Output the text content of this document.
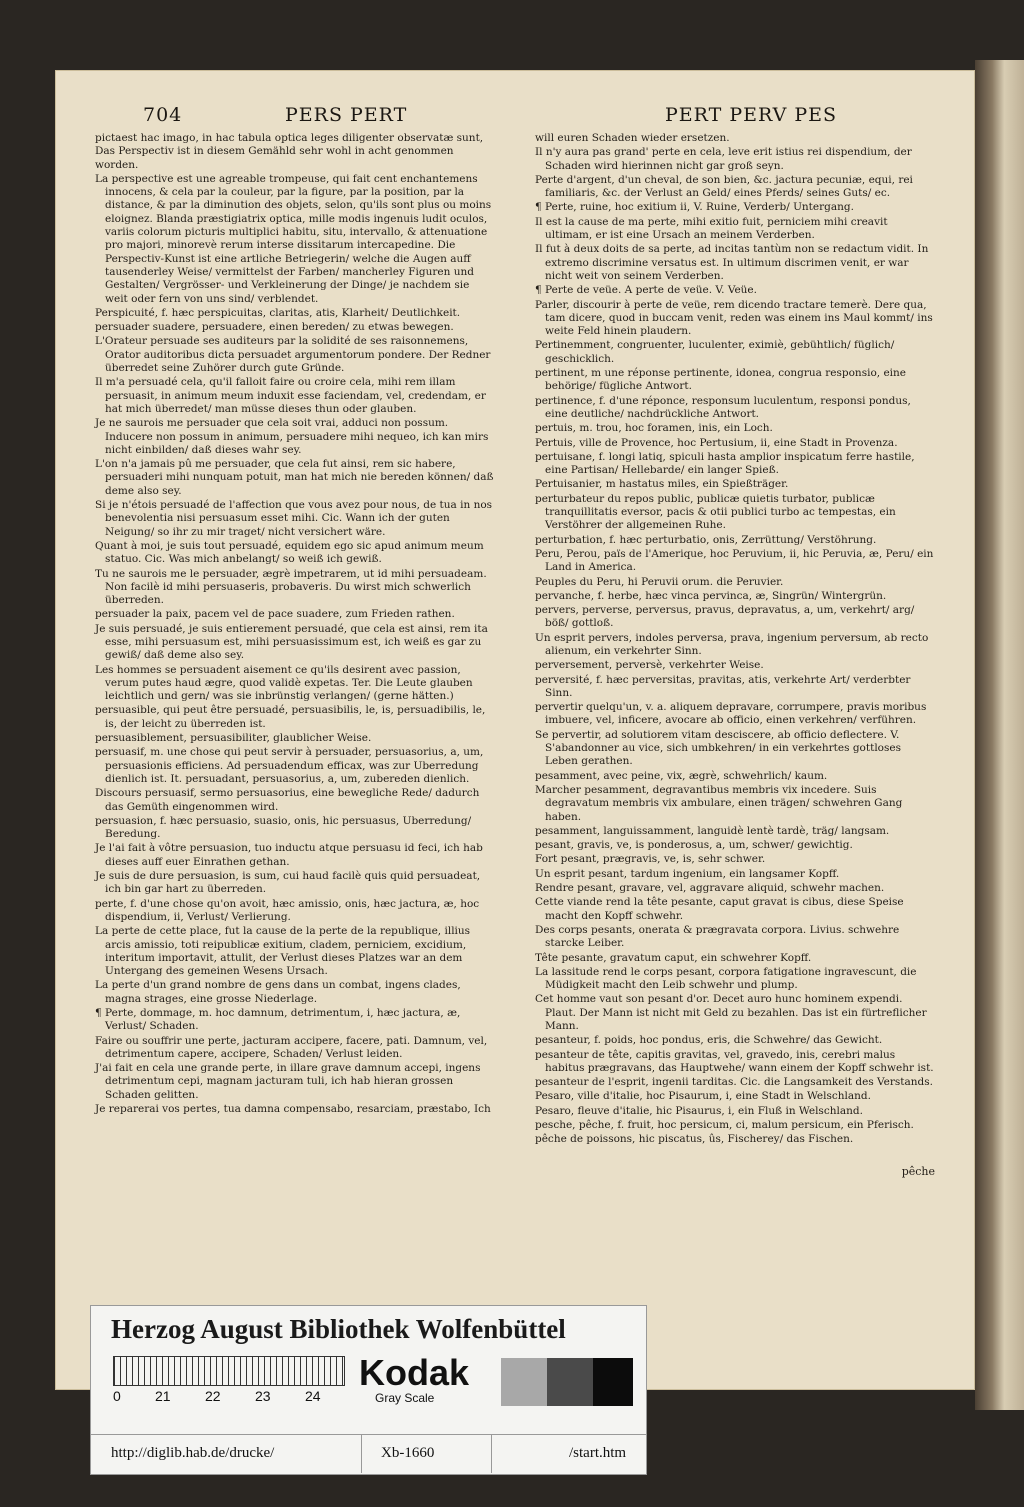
704	PERS PERT	PERT PERV PES

pictaest hac imago, in hac tabula optica leges diligenter observatæ sunt, Das Perspectiv ist in diesem Gemähld sehr wohl in acht genommen worden.

La perspective est une agreable trompeuse, qui fait cent enchantemens innocens, & cela par la couleur, par la figure, par la position, par la distance, & par la diminution des objets, selon, qu'ils sont plus ou moins eloignez. Blanda præstigiatrix optica, mille modis ingenuis ludit oculos, variis colorum picturis multiplici habitu, situ, intervallo, & attenuatione pro majori, minorevè rerum interse dissitarum intercapedine. Die Perspectiv-Kunst ist eine artliche Betriegerin/ welche die Augen auff tausenderley Weise/ vermittelst der Farben/ mancherley Figuren und Gestalten/ Vergrösser- und Verkleinerung der Dinge/ je nachdem sie weit oder fern von uns sind/ verblendet.

Perspicuité, f. hæc perspicuitas, claritas, atis, Klarheit/ Deutlichkeit.

persuader suadere, persuadere, einen bereden/ zu etwas bewegen.

L'Orateur persuade ses auditeurs par la solidité de ses raisonnemens, Orator auditoribus dicta persuadet argumentorum pondere. Der Redner überredet seine Zuhörer durch gute Gründe.

Il m'a persuadé cela, qu'il falloit faire ou croire cela, mihi rem illam persuasit, in animum meum induxit esse faciendam, vel, credendam, er hat mich überredet/ man müsse dieses thun oder glauben.

Je ne saurois me persuader que cela soit vrai, adduci non possum. Inducere non possum in animum, persuadere mihi nequeo, ich kan mirs nicht einbilden/ daß dieses wahr sey.

L'on n'a jamais pû me persuader, que cela fut ainsi, rem sic habere, persuaderi mihi nunquam potuit, man hat mich nie bereden können/ daß deme also sey.

Si je n'étois persuadé de l'affection que vous avez pour nous, de tua in nos benevolentia nisi persuasum esset mihi. Cic. Wann ich der guten Neigung/ so ihr zu mir traget/ nicht versichert wäre.

Quant à moi, je suis tout persuadé, equidem ego sic apud animum meum statuo. Cic. Was mich anbelangt/ so weiß ich gewiß.

Tu ne saurois me le persuader, ægrè impetrarem, ut id mihi persuadeam. Non facilè id mihi persuaseris, probaveris. Du wirst mich schwerlich überreden.

persuader la paix, pacem vel de pace suadere, zum Frieden rathen.

Je suis persuadé, je suis entierement persuadé, que cela est ainsi, rem ita esse, mihi persuasum est, mihi persuasissimum est, ich weiß es gar zu gewiß/ daß deme also sey.

Les hommes se persuadent aisement ce qu'ils desirent avec passion, verum putes haud ægre, quod validè expetas. Ter. Die Leute glauben leichtlich und gern/ was sie inbrünstig verlangen/ (gerne hätten.)

persuasible, qui peut être persuadé, persuasibilis, le, is, persuadibilis, le, is, der leicht zu überreden ist.

persuasiblement, persuasibiliter, glaublicher Weise.

persuasif, m. une chose qui peut servir à persuader, persuasorius, a, um, persuasionis efficiens. Ad persuadendum efficax, was zur Uberredung dienlich ist. It. persuadant, persuasorius, a, um, zubereden dienlich.

Discours persuasif, sermo persuasorius, eine bewegliche Rede/ dadurch das Gemüth eingenommen wird.

persuasion, f. hæc persuasio, suasio, onis, hic persuasus, Uberredung/ Beredung.

Je l'ai fait à vôtre persuasion, tuo inductu atque persuasu id feci, ich hab dieses auff euer Einrathen gethan.

Je suis de dure persuasion, is sum, cui haud facilè quis quid persuadeat, ich bin gar hart zu überreden.

perte, f. d'une chose qu'on avoit, hæc amissio, onis, hæc jactura, æ, hoc dispendium, ii, Verlust/ Verlierung.

La perte de cette place, fut la cause de la perte de la republique, illius arcis amissio, toti reipublicæ exitium, cladem, perniciem, excidium, interitum importavit, attulit, der Verlust dieses Platzes war an dem Untergang des gemeinen Wesens Ursach.

La perte d'un grand nombre de gens dans un combat, ingens clades, magna strages, eine grosse Niederlage.

¶ Perte, dommage, m. hoc damnum, detrimentum, i, hæc jactura, æ, Verlust/ Schaden.

Faire ou souffrir une perte, jacturam accipere, facere, pati. Damnum, vel, detrimentum capere, accipere, Schaden/ Verlust leiden.

J'ai fait en cela une grande perte, in illare grave damnum accepi, ingens detrimentum cepi, magnam jacturam tuli, ich hab hieran grossen Schaden gelitten.

Je reparerai vos pertes, tua damna compensabo, resarciam, præstabo, Ich

will euren Schaden wieder ersetzen.

Il n'y aura pas grand' perte en cela, leve erit istius rei dispendium, der Schaden wird hierinnen nicht gar groß seyn.

Perte d'argent, d'un cheval, de son bien, &c. jactura pecuniæ, equi, rei familiaris, &c. der Verlust an Geld/ eines Pferds/ seines Guts/ ec.

¶ Perte, ruine, hoc exitium ii, V. Ruine, Verderb/ Untergang.

Il est la cause de ma perte, mihi exitio fuit, perniciem mihi creavit ultimam, er ist eine Ursach an meinem Verderben.

Il fut à deux doits de sa perte, ad incitas tantùm non se redactum vidit. In extremo discrimine versatus est. In ultimum discrimen venit, er war nicht weit von seinem Verderben.

¶ Perte de veüe. A perte de veüe. V. Veüe.

Parler, discourir à perte de veüe, rem dicendo tractare temerè. Dere qua, tam dicere, quod in buccam venit, reden was einem ins Maul kommt/ ins weite Feld hinein plaudern.

Pertinemment, congruenter, luculenter, eximiè, gebühtlich/ füglich/ geschicklich.

pertinent, m une réponse pertinente, idonea, congrua responsio, eine behörige/ fügliche Antwort.

pertinence, f. d'une réponce, responsum luculentum, responsi pondus, eine deutliche/ nachdrückliche Antwort.

pertuis, m. trou, hoc foramen, inis, ein Loch.

Pertuis, ville de Provence, hoc Pertusium, ii, eine Stadt in Provenza.

pertuisane, f. longi latiq, spiculi hasta amplior inspicatum ferre hastile, eine Partisan/ Hellebarde/ ein langer Spieß.

Pertuisanier, m hastatus miles, ein Spießträger.

perturbateur du repos public, publicæ quietis turbator, publicæ tranquillitatis eversor, pacis & otii publici turbo ac tempestas, ein Verstöhrer der allgemeinen Ruhe.

perturbation, f. hæc perturbatio, onis, Zerrüttung/ Verstöhrung.

Peru, Perou, païs de l'Amerique, hoc Peruvium, ii, hic Peruvia, æ, Peru/ ein Land in America.

Peuples du Peru, hi Peruvii orum. die Peruvier.

pervanche, f. herbe, hæc vinca pervinca, æ, Singrün/ Wintergrün.

pervers, perverse, perversus, pravus, depravatus, a, um, verkehrt/ arg/ böß/ gottloß.

Un esprit pervers, indoles perversa, prava, ingenium perversum, ab recto alienum, ein verkehrter Sinn.

perversement, perversè, verkehrter Weise.

perversité, f. hæc perversitas, pravitas, atis, verkehrte Art/ verderbter Sinn.

pervertir quelqu'un, v. a. aliquem depravare, corrumpere, pravis moribus imbuere, vel, inficere, avocare ab officio, einen verkehren/ verführen.

Se pervertir, ad solutiorem vitam desciscere, ab officio deflectere. V. S'abandonner au vice, sich umbkehren/ in ein verkehrtes gottloses Leben gerathen.

pesamment, avec peine, vix, ægrè, schwehrlich/ kaum.

Marcher pesamment, degravantibus membris vix incedere. Suis degravatum membris vix ambulare, einen trägen/ schwehren Gang haben.

pesamment, languissamment, languidè lentè tardè, träg/ langsam.

pesant, gravis, ve, is ponderosus, a, um, schwer/ gewichtig.

Fort pesant, prægravis, ve, is, sehr schwer.

Un esprit pesant, tardum ingenium, ein langsamer Kopff.

Rendre pesant, gravare, vel, aggravare aliquid, schwehr machen.

Cette viande rend la tête pesante, caput gravat is cibus, diese Speise macht den Kopff schwehr.

Des corps pesants, onerata & prægravata corpora. Livius. schwehre starcke Leiber.

Tête pesante, gravatum caput, ein schwehrer Kopff.

La lassitude rend le corps pesant, corpora fatigatione ingravescunt, die Müdigkeit macht den Leib schwehr und plump.

Cet homme vaut son pesant d'or. Decet auro hunc hominem expendi. Plaut. Der Mann ist nicht mit Geld zu bezahlen. Das ist ein fürtreflicher Mann.

pesanteur, f. poids, hoc pondus, eris, die Schwehre/ das Gewicht.

pesanteur de tête, capitis gravitas, vel, gravedo, inis, cerebri malus habitus prægravans, das Hauptwehe/ wann einem der Kopff schwehr ist.

pesanteur de l'esprit, ingenii tarditas. Cic. die Langsamkeit des Verstands.

Pesaro, ville d'italie, hoc Pisaurum, i, eine Stadt in Welschland.

Pesaro, fleuve d'italie, hic Pisaurus, i, ein Fluß in Welschland.

pesche, pêche, f. fruit, hoc persicum, ci, malum persicum, ein Pferisch.

pêche de poissons, hic piscatus, ûs, Fischerey/ das Fischen.

pêche
Herzog August Bibliothek Wolfenbüttel
0 21 22 23 24
Kodak
Gray Scale
http://diglib.hab.de/drucke/	Xb-1660	/start.htm
